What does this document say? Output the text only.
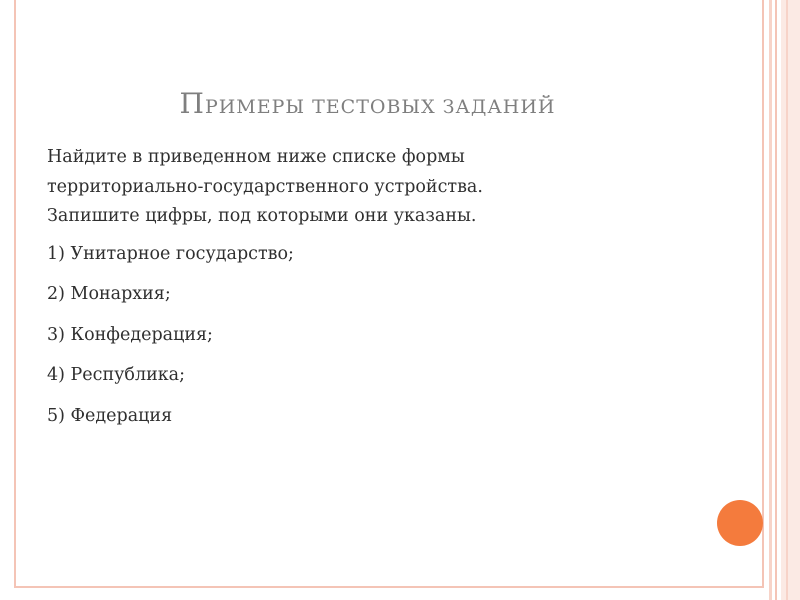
ПРИМЕРЫ ТЕСТОВЫХ ЗАДАНИЙ

Найдите в приведенном ниже списке формы

территориально-государственного устройства.

Запишите цифры, под которыми они указаны.

1) Унитарное государство;
2) Монархия;
3) Конфедерация;
4) Республика;
5) Федерация
